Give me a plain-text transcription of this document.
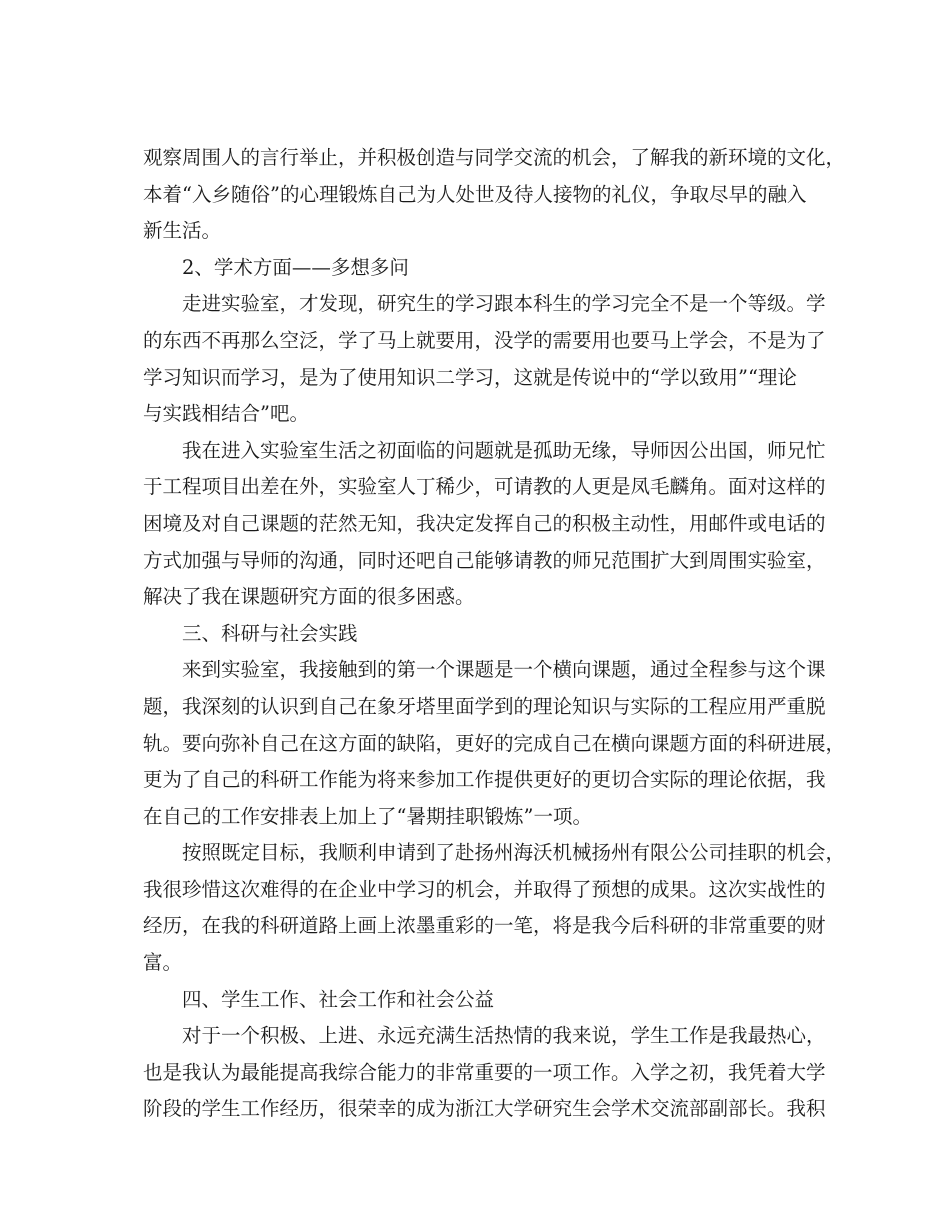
观察周围人的言行举止，并积极创造与同学交流的机会，了解我的新环境的文化，
本着“入乡随俗”的心理锻炼自己为人处世及待人接物的礼仪，争取尽早的融入
新生活。
2、学术方面——多想多问
走进实验室，才发现，研究生的学习跟本科生的学习完全不是一个等级。学
的东西不再那么空泛，学了马上就要用，没学的需要用也要马上学会，不是为了
学习知识而学习，是为了使用知识二学习，这就是传说中的“学以致用”“理论
与实践相结合”吧。
我在进入实验室生活之初面临的问题就是孤助无缘，导师因公出国，师兄忙
于工程项目出差在外，实验室人丁稀少，可请教的人更是凤毛麟角。面对这样的
困境及对自己课题的茫然无知，我决定发挥自己的积极主动性，用邮件或电话的
方式加强与导师的沟通，同时还吧自己能够请教的师兄范围扩大到周围实验室，
解决了我在课题研究方面的很多困惑。
三、科研与社会实践
来到实验室，我接触到的第一个课题是一个横向课题，通过全程参与这个课
题，我深刻的认识到自己在象牙塔里面学到的理论知识与实际的工程应用严重脱
轨。要向弥补自己在这方面的缺陷，更好的完成自己在横向课题方面的科研进展，
更为了自己的科研工作能为将来参加工作提供更好的更切合实际的理论依据，我
在自己的工作安排表上加上了“暑期挂职锻炼”一项。
按照既定目标，我顺利申请到了赴扬州海沃机械扬州有限公公司挂职的机会，
我很珍惜这次难得的在企业中学习的机会，并取得了预想的成果。这次实战性的
经历，在我的科研道路上画上浓墨重彩的一笔，将是我今后科研的非常重要的财
富。
四、学生工作、社会工作和社会公益
对于一个积极、上进、永远充满生活热情的我来说，学生工作是我最热心，
也是我认为最能提高我综合能力的非常重要的一项工作。入学之初，我凭着大学
阶段的学生工作经历，很荣幸的成为浙江大学研究生会学术交流部副部长。我积
